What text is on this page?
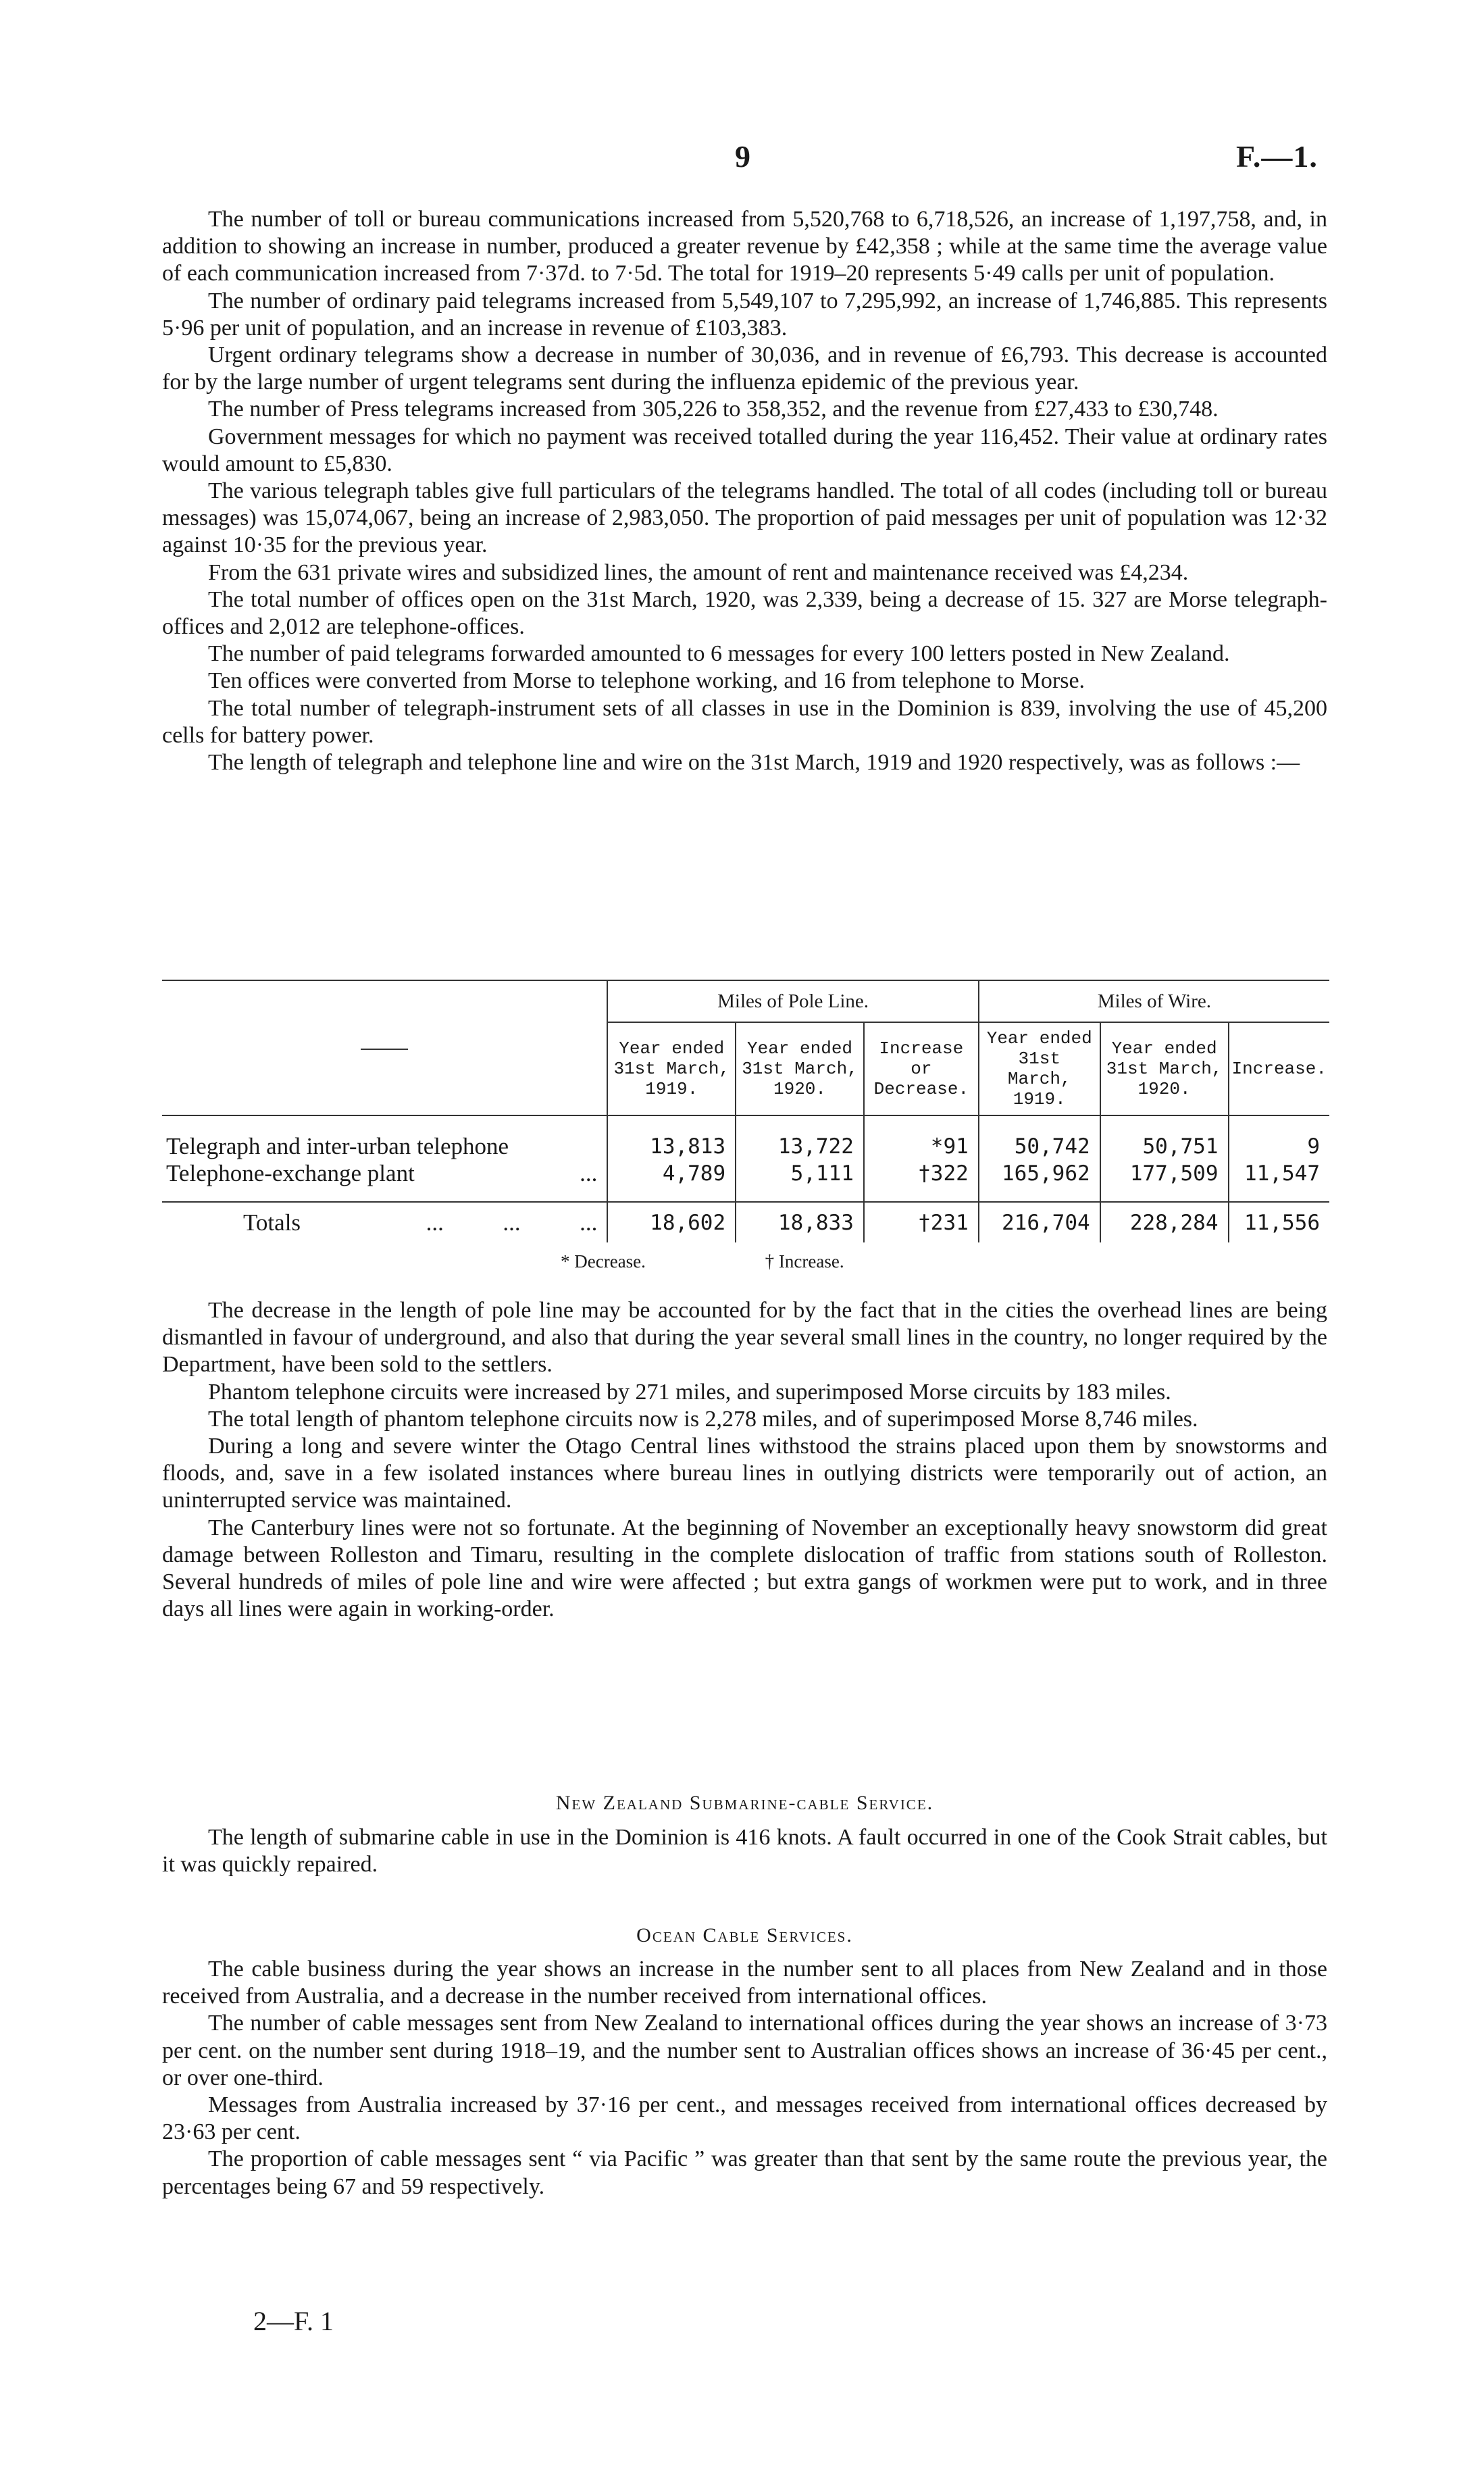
9	F.—1.

The number of toll or bureau communications increased from 5,520,768 to 6,718,526, an increase of 1,197,758, and, in addition to showing an increase in number, produced a greater revenue by £42,358 ; while at the same time the average value of each communication increased from 7·37d. to 7·5d. The total for 1919–20 represents 5·49 calls per unit of population.

The number of ordinary paid telegrams increased from 5,549,107 to 7,295,992, an increase of 1,746,885. This represents 5·96 per unit of population, and an increase in revenue of £103,383.

Urgent ordinary telegrams show a decrease in number of 30,036, and in revenue of £6,793. This decrease is accounted for by the large number of urgent telegrams sent during the influenza epidemic of the previous year.

The number of Press telegrams increased from 305,226 to 358,352, and the revenue from £27,433 to £30,748.

Government messages for which no payment was received totalled during the year 116,452. Their value at ordinary rates would amount to £5,830.

The various telegraph tables give full particulars of the telegrams handled. The total of all codes (including toll or bureau messages) was 15,074,067, being an increase of 2,983,050. The proportion of paid messages per unit of population was 12·32 against 10·35 for the previous year.

From the 631 private wires and subsidized lines, the amount of rent and maintenance received was £4,234.

The total number of offices open on the 31st March, 1920, was 2,339, being a decrease of 15. 327 are Morse telegraph-offices and 2,012 are telephone-offices.

The number of paid telegrams forwarded amounted to 6 messages for every 100 letters posted in New Zealand.

Ten offices were converted from Morse to telephone working, and 16 from telephone to Morse.

The total number of telegraph-instrument sets of all classes in use in the Dominion is 839, involving the use of 45,200 cells for battery power.

The length of telegraph and telephone line and wire on the 31st March, 1919 and 1920 respectively, was as follows :—

	Miles of Pole Line.			Miles of Wire.		
	Year ended 31st March, 1919.	Year ended 31st March, 1920.	Increase or Decrease.	Year ended 31st March, 1919.	Year ended 31st March, 1920.	Increase.

Telegraph and inter-urban telephone	13,813	13,722	*91	50,742	50,751	9
Telephone-exchange plant ...	4,789	5,111	†322	165,962	177,509	11,547

Totals ...          ...          ...	18,602	18,833	†231	216,704	228,284	11,556
* Decrease.	† Increase.

The decrease in the length of pole line may be accounted for by the fact that in the cities the overhead lines are being dismantled in favour of underground, and also that during the year several small lines in the country, no longer required by the Department, have been sold to the settlers.

Phantom telephone circuits were increased by 271 miles, and superimposed Morse circuits by 183 miles.

The total length of phantom telephone circuits now is 2,278 miles, and of superimposed Morse 8,746 miles.

During a long and severe winter the Otago Central lines withstood the strains placed upon them by snowstorms and floods, and, save in a few isolated instances where bureau lines in outlying districts were temporarily out of action, an uninterrupted service was maintained.

The Canterbury lines were not so fortunate. At the beginning of November an exceptionally heavy snowstorm did great damage between Rolleston and Timaru, resulting in the complete dislocation of traffic from stations south of Rolleston. Several hundreds of miles of pole line and wire were affected ; but extra gangs of workmen were put to work, and in three days all lines were again in working-order.

New Zealand Submarine-cable Service.

The length of submarine cable in use in the Dominion is 416 knots. A fault occurred in one of the Cook Strait cables, but it was quickly repaired.

Ocean Cable Services.

The cable business during the year shows an increase in the number sent to all places from New Zealand and in those received from Australia, and a decrease in the number received from international offices.

The number of cable messages sent from New Zealand to international offices during the year shows an increase of 3·73 per cent. on the number sent during 1918–19, and the number sent to Australian offices shows an increase of 36·45 per cent., or over one-third.

Messages from Australia increased by 37·16 per cent., and messages received from international offices decreased by 23·63 per cent.

The proportion of cable messages sent “ via Pacific ” was greater than that sent by the same route the previous year, the percentages being 67 and 59 respectively.

2—F. 1
